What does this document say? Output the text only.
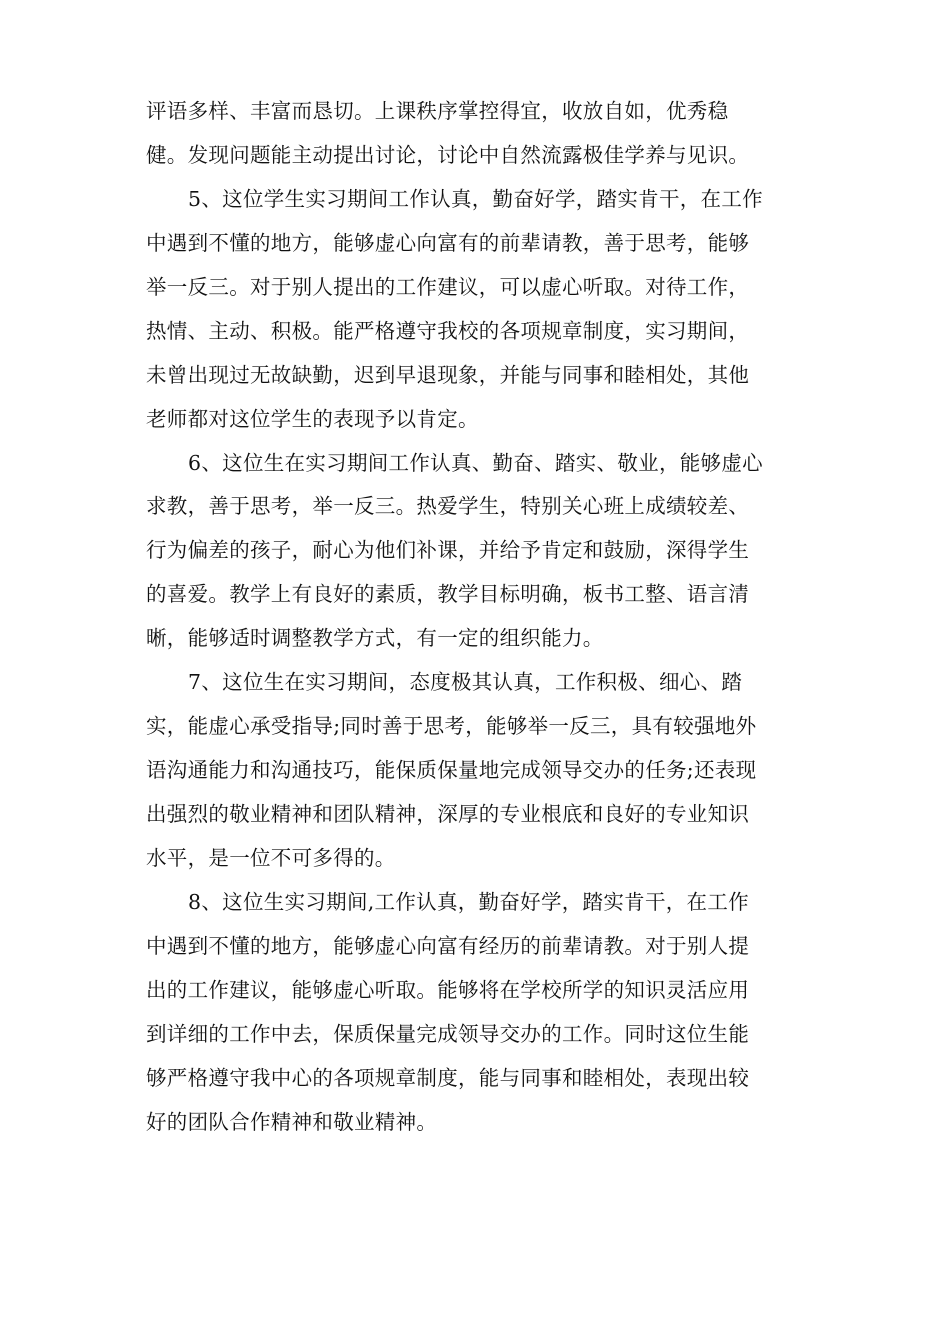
评语多样、丰富而恳切。上课秩序掌控得宜，收放自如，优秀稳
健。发现问题能主动提出讨论，讨论中自然流露极佳学养与见识。
5、这位学生实习期间工作认真，勤奋好学，踏实肯干，在工作
中遇到不懂的地方，能够虚心向富有的前辈请教，善于思考，能够
举一反三。对于别人提出的工作建议，可以虚心听取。对待工作，
热情、主动、积极。能严格遵守我校的各项规章制度，实习期间，
未曾出现过无故缺勤，迟到早退现象，并能与同事和睦相处，其他
老师都对这位学生的表现予以肯定。
6、这位生在实习期间工作认真、勤奋、踏实、敬业，能够虚心
求教，善于思考，举一反三。热爱学生，特别关心班上成绩较差、
行为偏差的孩子，耐心为他们补课，并给予肯定和鼓励，深得学生
的喜爱。教学上有良好的素质，教学目标明确，板书工整、语言清
晰，能够适时调整教学方式，有一定的组织能力。
7、这位生在实习期间，态度极其认真，工作积极、细心、踏
实，能虚心承受指导;同时善于思考，能够举一反三，具有较强地外
语沟通能力和沟通技巧，能保质保量地完成领导交办的任务;还表现
出强烈的敬业精神和团队精神，深厚的专业根底和良好的专业知识
水平，是一位不可多得的。
8、这位生实习期间,工作认真，勤奋好学，踏实肯干，在工作
中遇到不懂的地方，能够虚心向富有经历的前辈请教。对于别人提
出的工作建议，能够虚心听取。能够将在学校所学的知识灵活应用
到详细的工作中去，保质保量完成领导交办的工作。同时这位生能
够严格遵守我中心的各项规章制度，能与同事和睦相处，表现出较
好的团队合作精神和敬业精神。
